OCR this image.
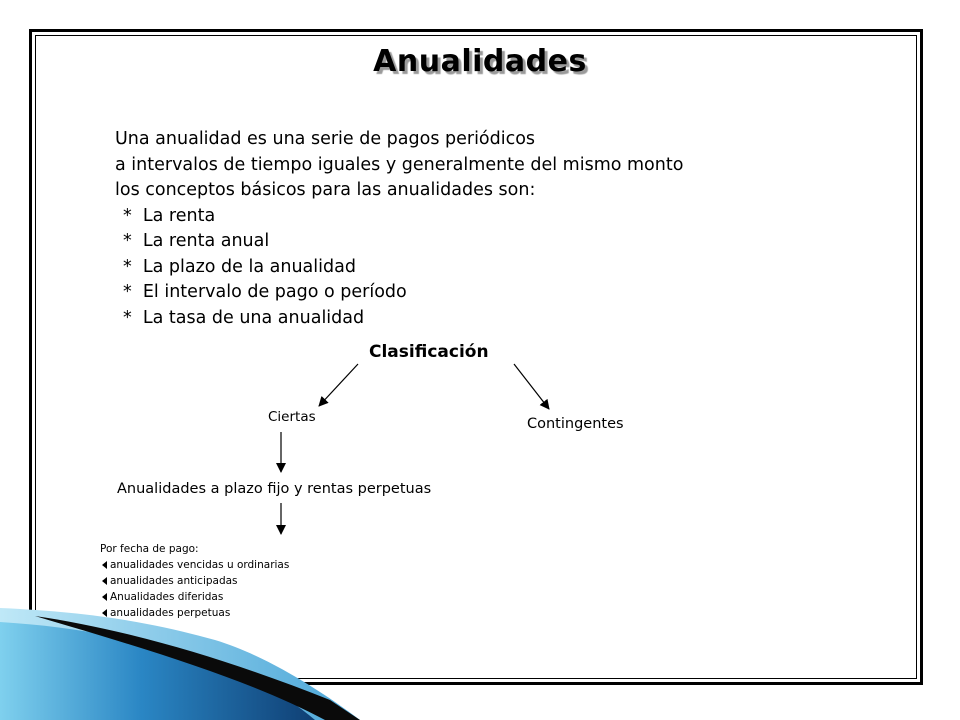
Anualidades
Una anualidad es una serie de pagos periódicos
a intervalos de tiempo iguales y generalmente del mismo monto
los conceptos básicos para las anualidades son:
*  La renta
*  La renta anual
*  La plazo de la anualidad
*  El intervalo de pago o período
*  La tasa de una anualidad
Clasificación
Ciertas	Contingentes
Anualidades a plazo fijo y rentas perpetuas
Por fecha de pago:
anualidades vencidas u ordinarias
anualidades anticipadas
Anualidades diferidas
anualidades perpetuas
